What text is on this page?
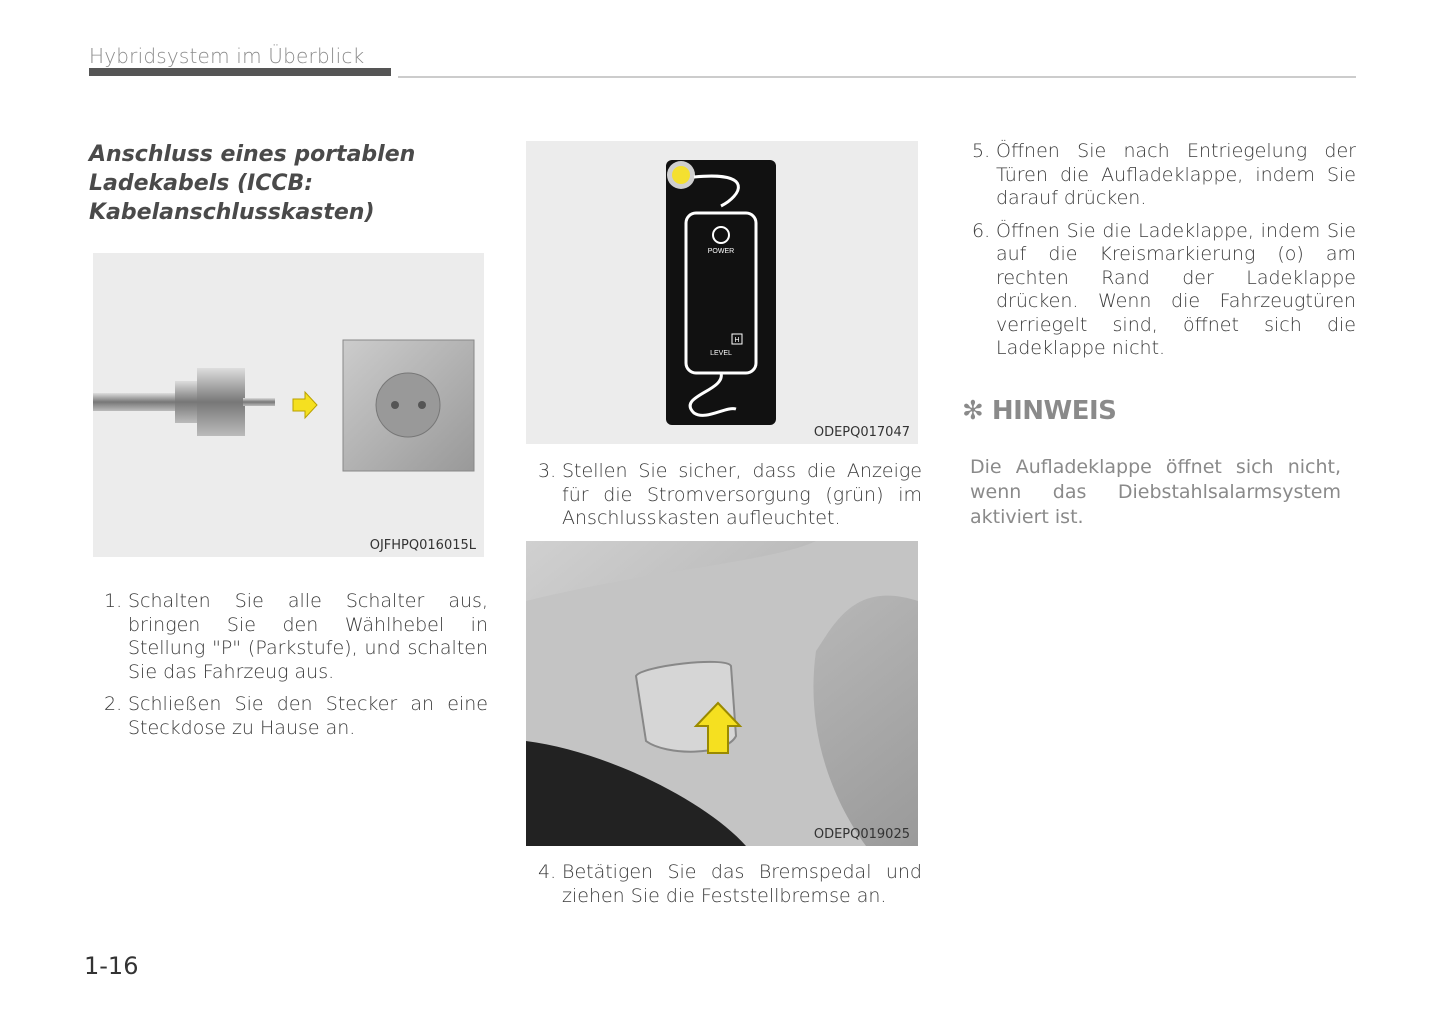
Hybridsystem im Überblick
Anschluss eines portablen Ladekabels (ICCB: Kabelanschlusskasten)
OJFHPQ016015L
POWER
H
LEVEL
ODEPQ017047
ODEPQ019025
1. Schalten Sie alle Schalter aus, bringen Sie den Wählhebel in Stellung "P" (Parkstufe), und schalten Sie das Fahrzeug aus.
2. Schließen Sie den Stecker an eine Steckdose zu Hause an.
3. Stellen Sie sicher, dass die Anzeige für die Stromversorgung (grün) im Anschlusskasten aufleuchtet.
4. Betätigen Sie das Bremspedal und ziehen Sie die Feststellbremse an.
5. Öffnen Sie nach Entriegelung der Türen die Aufladeklappe, indem Sie darauf drücken.
6. Öffnen Sie die Ladeklappe, indem Sie auf die Kreismarkierung (o) am rechten Rand der Ladeklappe drücken. Wenn die Fahrzeugtüren verriegelt sind, öffnet sich die Ladeklappe nicht.
✻ HINWEIS
Die Aufladeklappe öffnet sich nicht, wenn das Diebstahlsalarmsystem aktiviert ist.
1-16
